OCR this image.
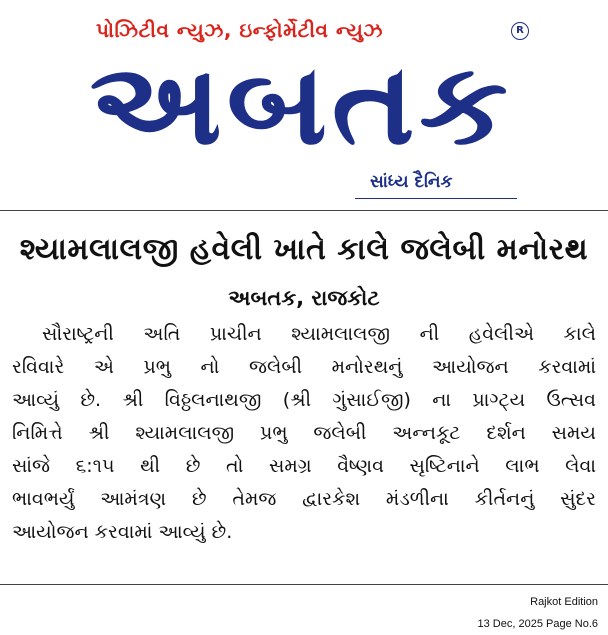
પોઝિટીવ ન્યુઝ, ઇન્ફોર્મેટીવ ન્યુઝ	R
અબતક
સાંધ્ય દૈનિક
શ્યામલાલજી હવેલી ખાતે કાલે જલેબી મનોરથ
અબતક, રાજકોટ
સૌરાષ્ટ્રની અતિ પ્રાચીન શ્યામલાલજી ની હવેલીએ કાલે
રવિવારે એ પ્રભુ નો જલેબી મનોરથનું આયોજન કરવામાં
આવ્યું છે. શ્રી વિઠ્ઠલનાથજી (શ્રી ગુંસાઈજી) ના પ્રાગ્ટ્ય ઉત્સવ
નિમિત્તે શ્રી શ્યામલાલજી પ્રભુ જલેબી અન્નકૂટ દર્શન સમય
સાંજે ૬:૧૫ થી છે તો સમગ્ર વૈષ્ણવ સૃષ્ટિનાને લાભ લેવા
ભાવભર્યું આમંત્રણ છે તેમજ દ્વારકેશ મંડળીના કીર્તનનું સુંદર
આયોજન કરવામાં આવ્યું છે.
Rajkot Edition
13 Dec, 2025 Page No.6
